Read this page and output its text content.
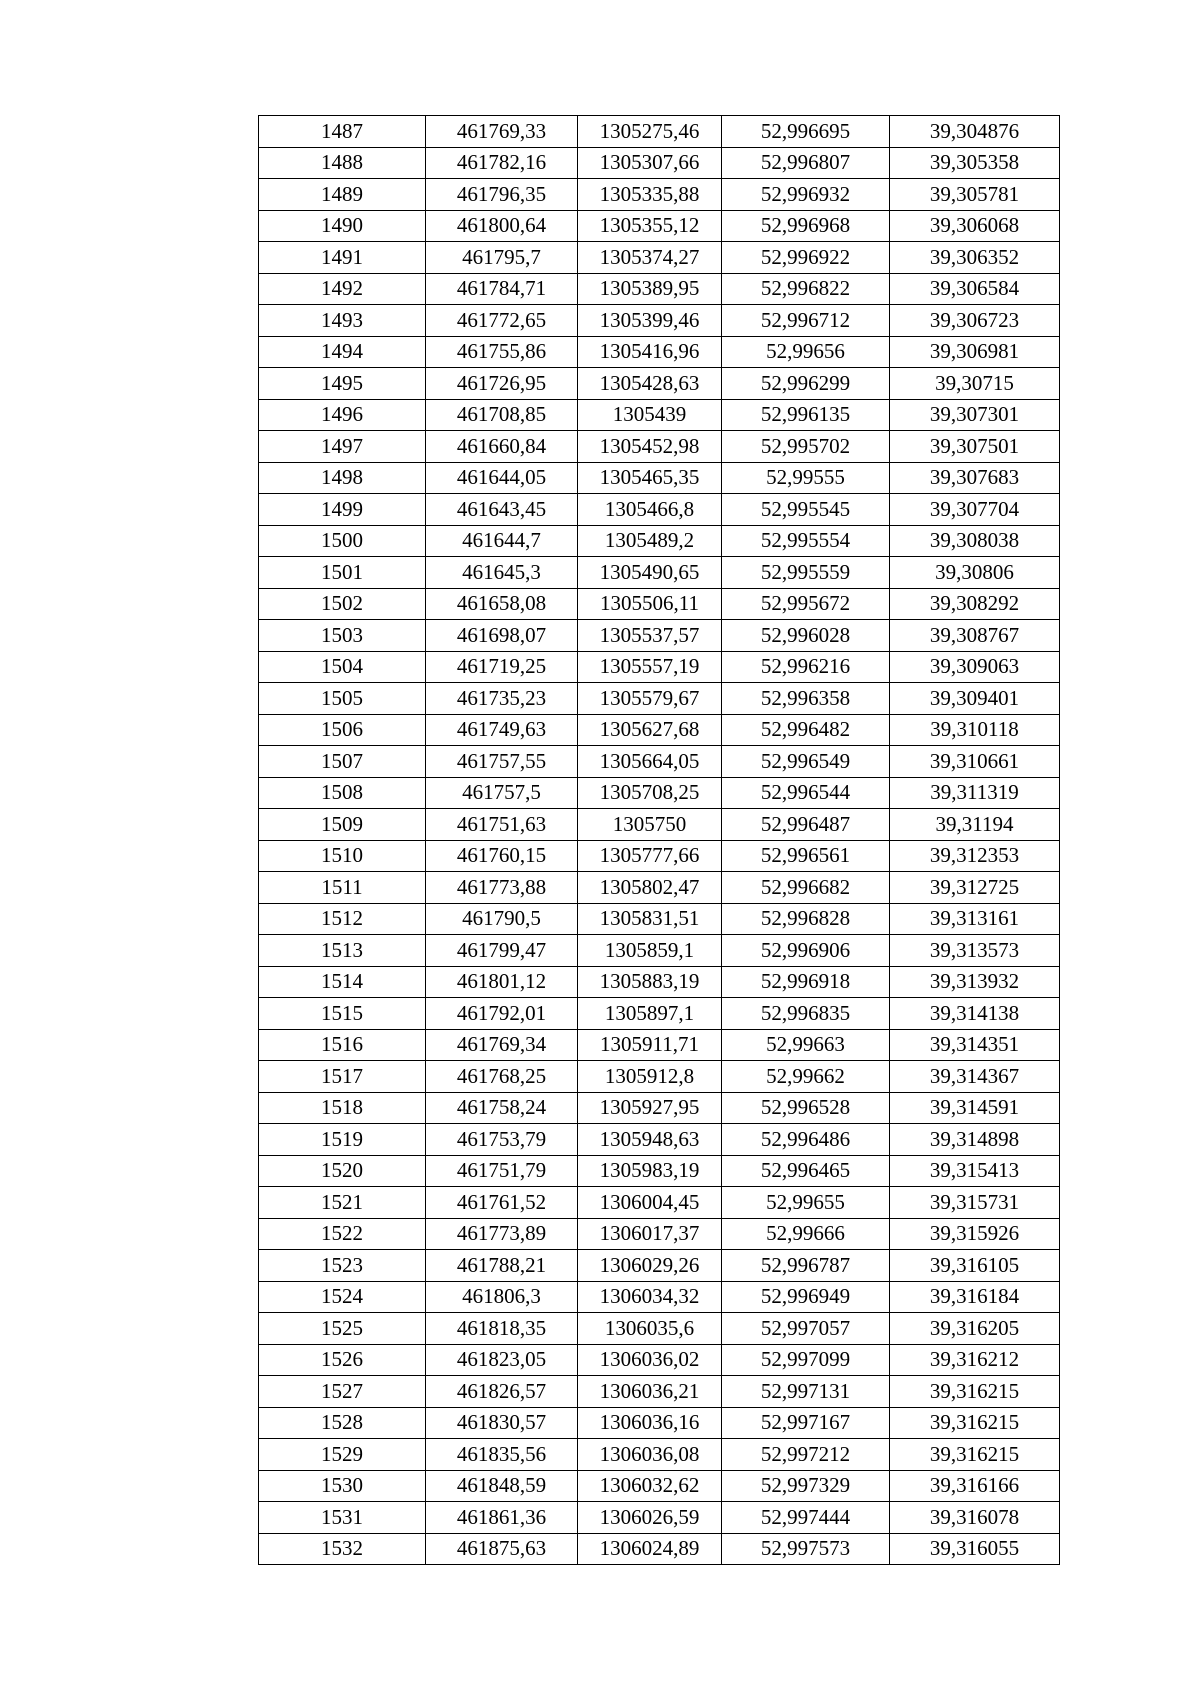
1487	461769,33	1305275,46	52,996695	39,304876
1488	461782,16	1305307,66	52,996807	39,305358
1489	461796,35	1305335,88	52,996932	39,305781
1490	461800,64	1305355,12	52,996968	39,306068
1491	461795,7	1305374,27	52,996922	39,306352
1492	461784,71	1305389,95	52,996822	39,306584
1493	461772,65	1305399,46	52,996712	39,306723
1494	461755,86	1305416,96	52,99656	39,306981
1495	461726,95	1305428,63	52,996299	39,30715
1496	461708,85	1305439	52,996135	39,307301
1497	461660,84	1305452,98	52,995702	39,307501
1498	461644,05	1305465,35	52,99555	39,307683
1499	461643,45	1305466,8	52,995545	39,307704
1500	461644,7	1305489,2	52,995554	39,308038
1501	461645,3	1305490,65	52,995559	39,30806
1502	461658,08	1305506,11	52,995672	39,308292
1503	461698,07	1305537,57	52,996028	39,308767
1504	461719,25	1305557,19	52,996216	39,309063
1505	461735,23	1305579,67	52,996358	39,309401
1506	461749,63	1305627,68	52,996482	39,310118
1507	461757,55	1305664,05	52,996549	39,310661
1508	461757,5	1305708,25	52,996544	39,311319
1509	461751,63	1305750	52,996487	39,31194
1510	461760,15	1305777,66	52,996561	39,312353
1511	461773,88	1305802,47	52,996682	39,312725
1512	461790,5	1305831,51	52,996828	39,313161
1513	461799,47	1305859,1	52,996906	39,313573
1514	461801,12	1305883,19	52,996918	39,313932
1515	461792,01	1305897,1	52,996835	39,314138
1516	461769,34	1305911,71	52,99663	39,314351
1517	461768,25	1305912,8	52,99662	39,314367
1518	461758,24	1305927,95	52,996528	39,314591
1519	461753,79	1305948,63	52,996486	39,314898
1520	461751,79	1305983,19	52,996465	39,315413
1521	461761,52	1306004,45	52,99655	39,315731
1522	461773,89	1306017,37	52,99666	39,315926
1523	461788,21	1306029,26	52,996787	39,316105
1524	461806,3	1306034,32	52,996949	39,316184
1525	461818,35	1306035,6	52,997057	39,316205
1526	461823,05	1306036,02	52,997099	39,316212
1527	461826,57	1306036,21	52,997131	39,316215
1528	461830,57	1306036,16	52,997167	39,316215
1529	461835,56	1306036,08	52,997212	39,316215
1530	461848,59	1306032,62	52,997329	39,316166
1531	461861,36	1306026,59	52,997444	39,316078
1532	461875,63	1306024,89	52,997573	39,316055
